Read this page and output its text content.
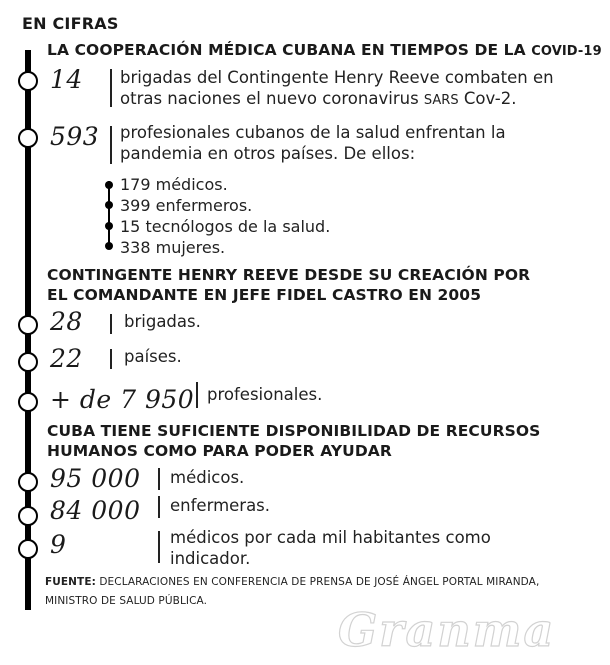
EN CIFRAS
LA COOPERACIÓN MÉDICA CUBANA EN TIEMPOS DE LA COVID-19
14 brigadas del Contingente Henry Reeve combaten en
otras naciones el nuevo coronavirus SARS Cov-2.
593 profesionales cubanos de la salud enfrentan la
pandemia en otros países. De ellos:
179 médicos.
399 enfermeros.
15 tecnólogos de la salud.
338 mujeres.
CONTINGENTE HENRY REEVE DESDE SU CREACIÓN POR
EL COMANDANTE EN JEFE FIDEL CASTRO EN 2005
28 brigadas.
22 países.
+ de 7 950 profesionales.
CUBA TIENE SUFICIENTE DISPONIBILIDAD DE RECURSOS
HUMANOS COMO PARA PODER AYUDAR
95 000 médicos.
84 000 enfermeras.
9	médicos por cada mil habitantes como
indicador.
FUENTE: DECLARACIONES EN CONFERENCIA DE PRENSA DE JOSÉ ÁNGEL PORTAL MIRANDA,
MINISTRO DE SALUD PÚBLICA.
Granma
